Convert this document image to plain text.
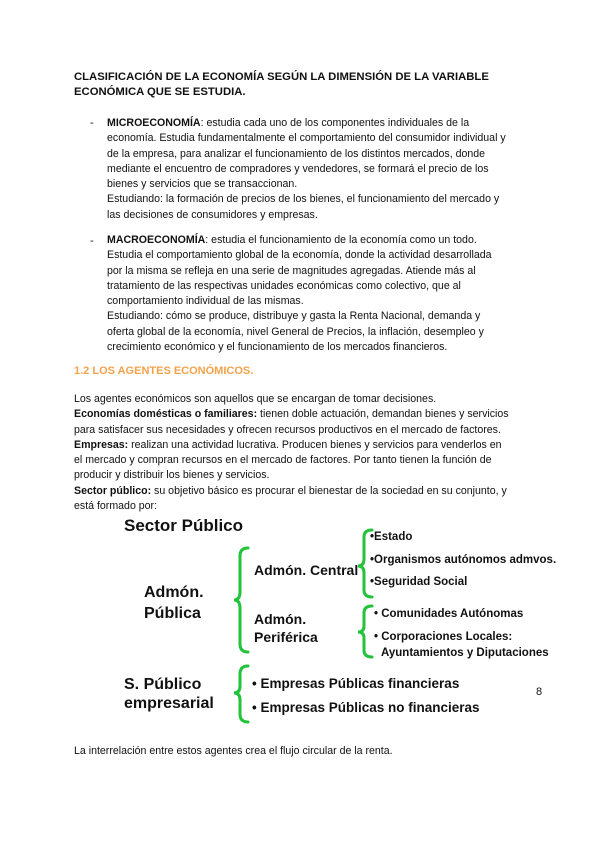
CLASIFICACIÓN DE LA ECONOMÍA SEGÚN LA DIMENSIÓN DE LA VARIABLE
ECONÓMICA QUE SE ESTUDIA.
- MICROECONOMÍA: estudia cada uno de los componentes individuales de la
economía. Estudia fundamentalmente el comportamiento del consumidor individual y
de la empresa, para analizar el funcionamiento de los distintos mercados, donde
mediante el encuentro de compradores y vendedores, se formará el precio de los
bienes y servicios que se transaccionan.
Estudiando: la formación de precios de los bienes, el funcionamiento del mercado y
las decisiones de consumidores y empresas.
- MACROECONOMÍA: estudia el funcionamiento de la economía como un todo.
Estudia el comportamiento global de la economía, donde la actividad desarrollada
por la misma se refleja en una serie de magnitudes agregadas. Atiende más al
tratamiento de las respectivas unidades económicas como colectivo, que al
comportamiento individual de las mismas.
Estudiando: cómo se produce, distribuye y gasta la Renta Nacional, demanda y
oferta global de la economía, nivel General de Precios, la inflación, desempleo y
crecimiento económico y el funcionamiento de los mercados financieros.
1.2 LOS AGENTES ECONÓMICOS.
Los agentes económicos son aquellos que se encargan de tomar decisiones.
Economías domésticas o familiares: tienen doble actuación, demandan bienes y servicios
para satisfacer sus necesidades y ofrecen recursos productivos en el mercado de factores.
Empresas: realizan una actividad lucrativa. Producen bienes y servicios para venderlos en
el mercado y compran recursos en el mercado de factores. Por tanto tienen la función de
producir y distribuir los bienes y servicios.
Sector público: su objetivo básico es procurar el bienestar de la sociedad en su conjunto, y
está formado por:
Sector Público
Admón.
Pública
Admón. Central
•Estado
•Organismos autónomos admvos.
•Seguridad Social
Admón.
Periférica
• Comunidades Autónomas
• Corporaciones Locales:
Ayuntamientos y Diputaciones
S. Público
empresarial
• Empresas Públicas financieras
• Empresas Públicas no financieras
8
La interrelación entre estos agentes crea el flujo circular de la renta.
